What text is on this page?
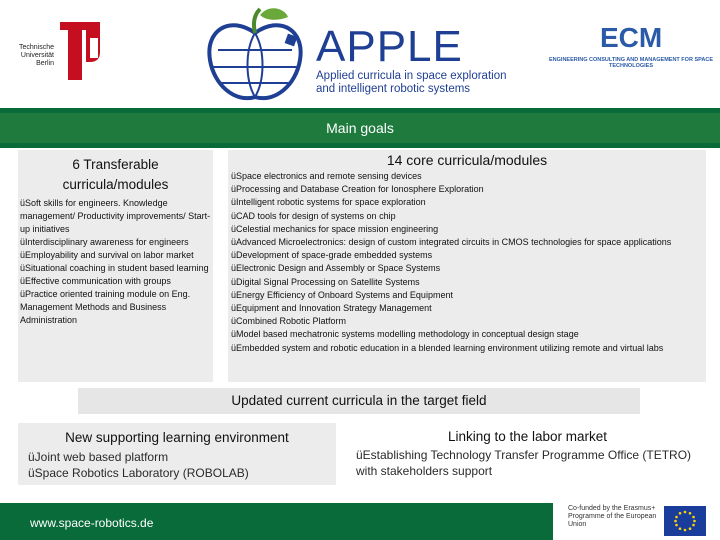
Technische Universität Berlin	APPLE
Applied curricula in space exploration and intelligent robotic systems
ECM
ENGINEERING CONSULTING AND MANAGEMENT FOR SPACE TECHNOLOGIES
Main goals
6 Transferable curricula/modules
üSoft skills for engineers. Knowledge management/ Productivity improvements/ Start-up initiatives
üInterdisciplinary awareness for engineers
üEmployability and survival on labor market
üSituational coaching in student based learning
üEffective communication with groups
üPractice oriented training module on Eng. Management Methods and Business Administration
14 core curricula/modules
üSpace electronics and remote sensing devices
üProcessing and Database Creation for Ionosphere Exploration
üIntelligent robotic systems for space exploration
üCAD tools for design of systems on chip
üCelestial mechanics for space mission engineering
üAdvanced Microelectronics: design of custom integrated circuits in CMOS technologies for space applications
üDevelopment of space-grade embedded systems
üElectronic Design and Assembly or Space Systems
üDigital Signal Processing on Satellite Systems
üEnergy Efficiency of Onboard Systems and Equipment
üEquipment and Innovation Strategy Management
üCombined Robotic Platform
üModel based mechatronic systems modelling methodology in conceptual design stage
üEmbedded system and robotic education in a blended learning environment utilizing remote and virtual labs
Updated current curricula in the target field
New supporting learning environment
üJoint web based platform
üSpace Robotics Laboratory (ROBOLAB)
Linking to the labor market
üEstablishing Technology Transfer Programme Office (TETRO) with stakeholders support
www.space-robotics.de
Co-funded by the Erasmus+ Programme of the European Union
